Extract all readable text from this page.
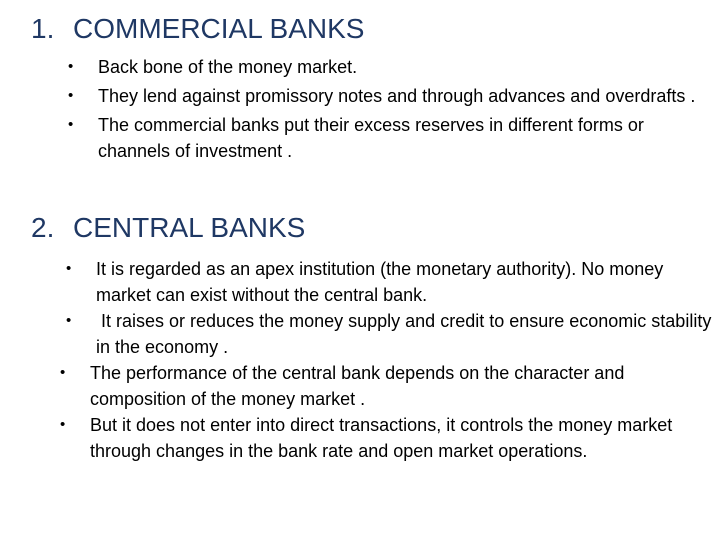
1. COMMERCIAL BANKS
• Back bone of the money market.
• They lend against promissory notes and through advances and overdrafts .
• The commercial banks put their excess reserves in different forms or channels of investment .
2. CENTRAL BANKS
• It is regarded as an apex institution (the monetary authority). No money market can exist without the central bank.
• It raises or reduces the money supply and credit to ensure economic stability in the economy .
• The performance of the central bank depends on the character and composition of the money market .
• But it does not enter into direct transactions, it controls the money market through changes in the bank rate and open market operations.
